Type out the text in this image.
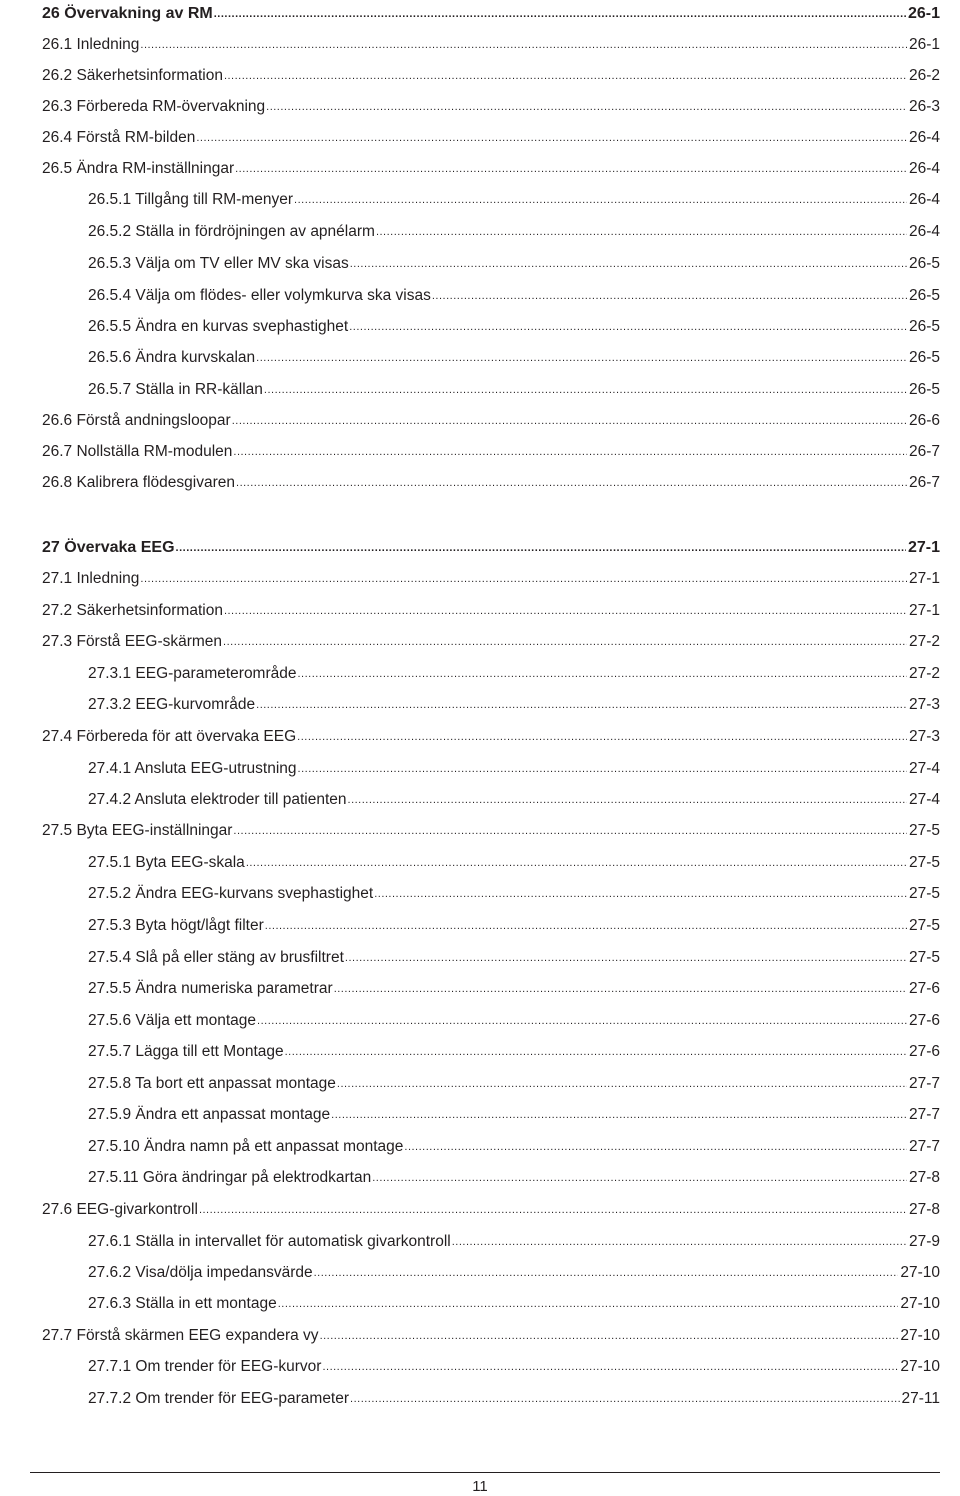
26 Övervakning av RM .....	26-1
26.1 Inledning .....	26-1
26.2 Säkerhetsinformation .....	26-2
26.3 Förbereda RM-övervakning .....	26-3
26.4 Förstå RM-bilden .....	26-4
26.5 Ändra RM-inställningar .....	26-4
26.5.1 Tillgång till RM-menyer .....	26-4
26.5.2 Ställa in fördröjningen av apnélarm .....	26-4
26.5.3 Välja om TV eller MV ska visas .....	26-5
26.5.4 Välja om flödes- eller volymkurva ska visas .....	26-5
26.5.5 Ändra en kurvas svephastighet .....	26-5
26.5.6 Ändra kurvskalan .....	26-5
26.5.7 Ställa in RR-källan .....	26-5
26.6 Förstå andningsloopar .....	26-6
26.7 Nollställa RM-modulen .....	26-7
26.8 Kalibrera flödesgivaren .....	26-7
27 Övervaka EEG .....	27-1
27.1 Inledning .....	27-1
27.2 Säkerhetsinformation .....	27-1
27.3 Förstå EEG-skärmen .....	27-2
27.3.1 EEG-parameterområde .....	27-2
27.3.2 EEG-kurvområde .....	27-3
27.4 Förbereda för att övervaka EEG .....	27-3
27.4.1 Ansluta EEG-utrustning .....	27-4
27.4.2 Ansluta elektroder till patienten .....	27-4
27.5 Byta EEG-inställningar .....	27-5
27.5.1 Byta EEG-skala .....	27-5
27.5.2 Ändra EEG-kurvans svephastighet .....	27-5
27.5.3 Byta högt/lågt filter .....	27-5
27.5.4 Slå på eller stäng av brusfiltret .....	27-5
27.5.5 Ändra numeriska parametrar .....	27-6
27.5.6 Välja ett montage .....	27-6
27.5.7 Lägga till ett Montage .....	27-6
27.5.8 Ta bort ett anpassat montage .....	27-7
27.5.9 Ändra ett anpassat montage .....	27-7
27.5.10 Ändra namn på ett anpassat montage .....	27-7
27.5.11 Göra ändringar på elektrodkartan .....	27-8
27.6 EEG-givarkontroll .....	27-8
27.6.1 Ställa in intervallet för automatisk givarkontroll .....	27-9
27.6.2 Visa/dölja impedansvärde .....	27-10
27.6.3 Ställa in ett montage .....	27-10
27.7 Förstå skärmen EEG expandera vy .....	27-10
27.7.1 Om trender för EEG-kurvor .....	27-10
27.7.2 Om trender för EEG-parameter .....	27-11
11
